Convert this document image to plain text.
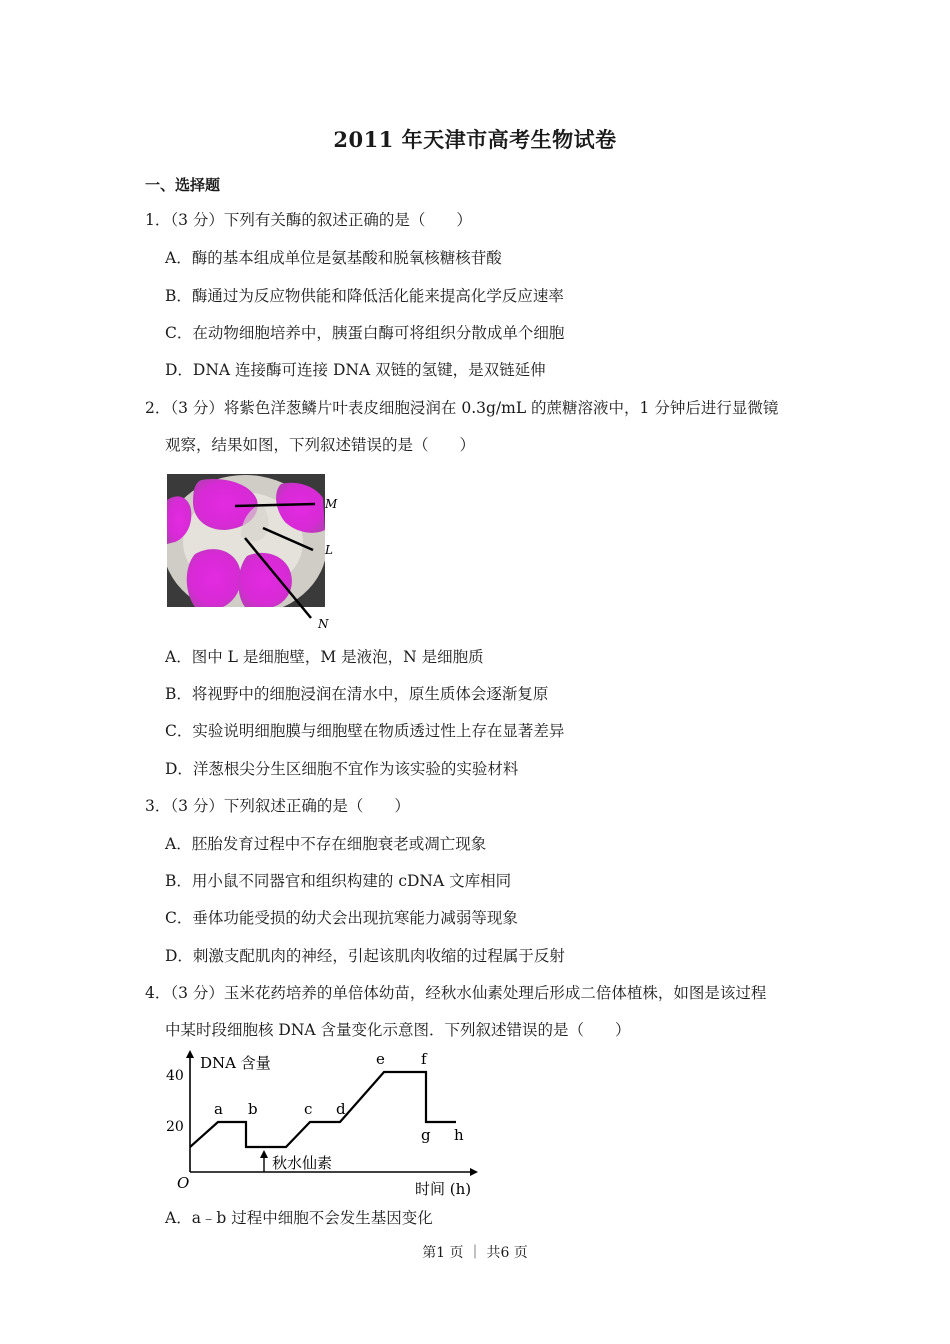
2011 年天津市高考生物试卷
一、选择题
1．（3 分）下列有关酶的叙述正确的是（　　）
A．酶的基本组成单位是氨基酸和脱氧核糖核苷酸
B．酶通过为反应物供能和降低活化能来提高化学反应速率
C．在动物细胞培养中，胰蛋白酶可将组织分散成单个细胞
D．DNA 连接酶可连接 DNA 双链的氢键，是双链延伸
2．（3 分）将紫色洋葱鳞片叶表皮细胞浸润在 0.3g/mL 的蔗糖溶液中，1 分钟后进行显微镜
观察，结果如图，下列叙述错误的是（　　）
M
L
N
A．图中 L 是细胞壁，M 是液泡，N 是细胞质
B．将视野中的细胞浸润在清水中，原生质体会逐渐复原
C．实验说明细胞膜与细胞壁在物质透过性上存在显著差异
D．洋葱根尖分生区细胞不宜作为该实验的实验材料
3．（3 分）下列叙述正确的是（　　）
A．胚胎发育过程中不存在细胞衰老或凋亡现象
B．用小鼠不同器官和组织构建的 cDNA 文库相同
C．垂体功能受损的幼犬会出现抗寒能力减弱等现象
D．刺激支配肌肉的神经，引起该肌肉收缩的过程属于反射
4．（3 分）玉米花药培养的单倍体幼苗，经秋水仙素处理后形成二倍体植株，如图是该过程
中某时段细胞核 DNA 含量变化示意图．下列叙述错误的是（　　）
DNA 含量
时间 (h)
O
40
20
秋水仙素
a b	c d
e f
g h
A．a﹣b 过程中细胞不会发生基因变化
第1 页 ｜ 共6 页
